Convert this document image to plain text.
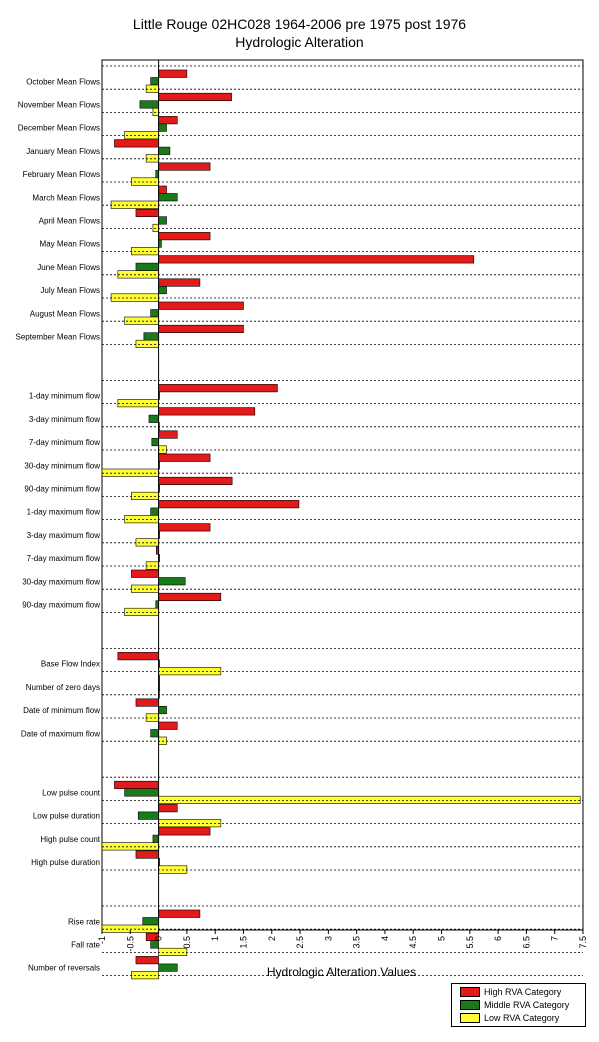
Little Rouge 02HC028 1964-2006 pre 1975 post 1976
Hydrologic Alteration
October Mean Flows
November Mean Flows
December Mean Flows
January Mean Flows
February Mean Flows
March Mean Flows
April Mean Flows
May Mean Flows
June Mean Flows
July Mean Flows
August Mean Flows
September Mean Flows
1-day minimum flow
3-day minimum flow
7-day minimum flow
30-day minimum flow
90-day minimum flow
1-day maximum flow
3-day maximum flow
7-day maximum flow
30-day maximum flow
90-day maximum flow
Base Flow Index
Number of zero days
Date of minimum flow
Date of maximum flow
Low pulse count
Low pulse duration
High pulse count
High pulse duration
Rise rate
Fall rate
Number of reversals
-1 -0.5 0 0.5 1 1.5 2 2.5 3 3.5 4 4.5 5 5.5 6 6.5 7 7.5
Hydrologic Alteration Values
High RVA Category
Middle RVA Category
Low RVA Category
